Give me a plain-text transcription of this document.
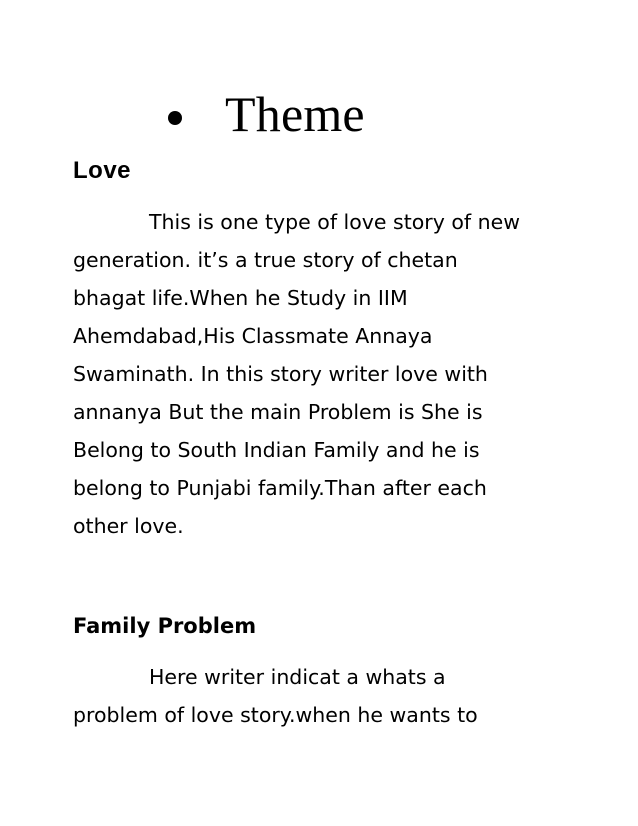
Theme
Love
This is one type of love story of new
generation. it’s a true story of chetan
bhagat life.When he Study in IIM
Ahemdabad,His Classmate Annaya
Swaminath. In this story writer love with
annanya But the main Problem is She is
Belong to South Indian Family and he is
belong to Punjabi family.Than after each
other love.
Family Problem
Here writer indicat a whats a
problem of love story.when he wants to
